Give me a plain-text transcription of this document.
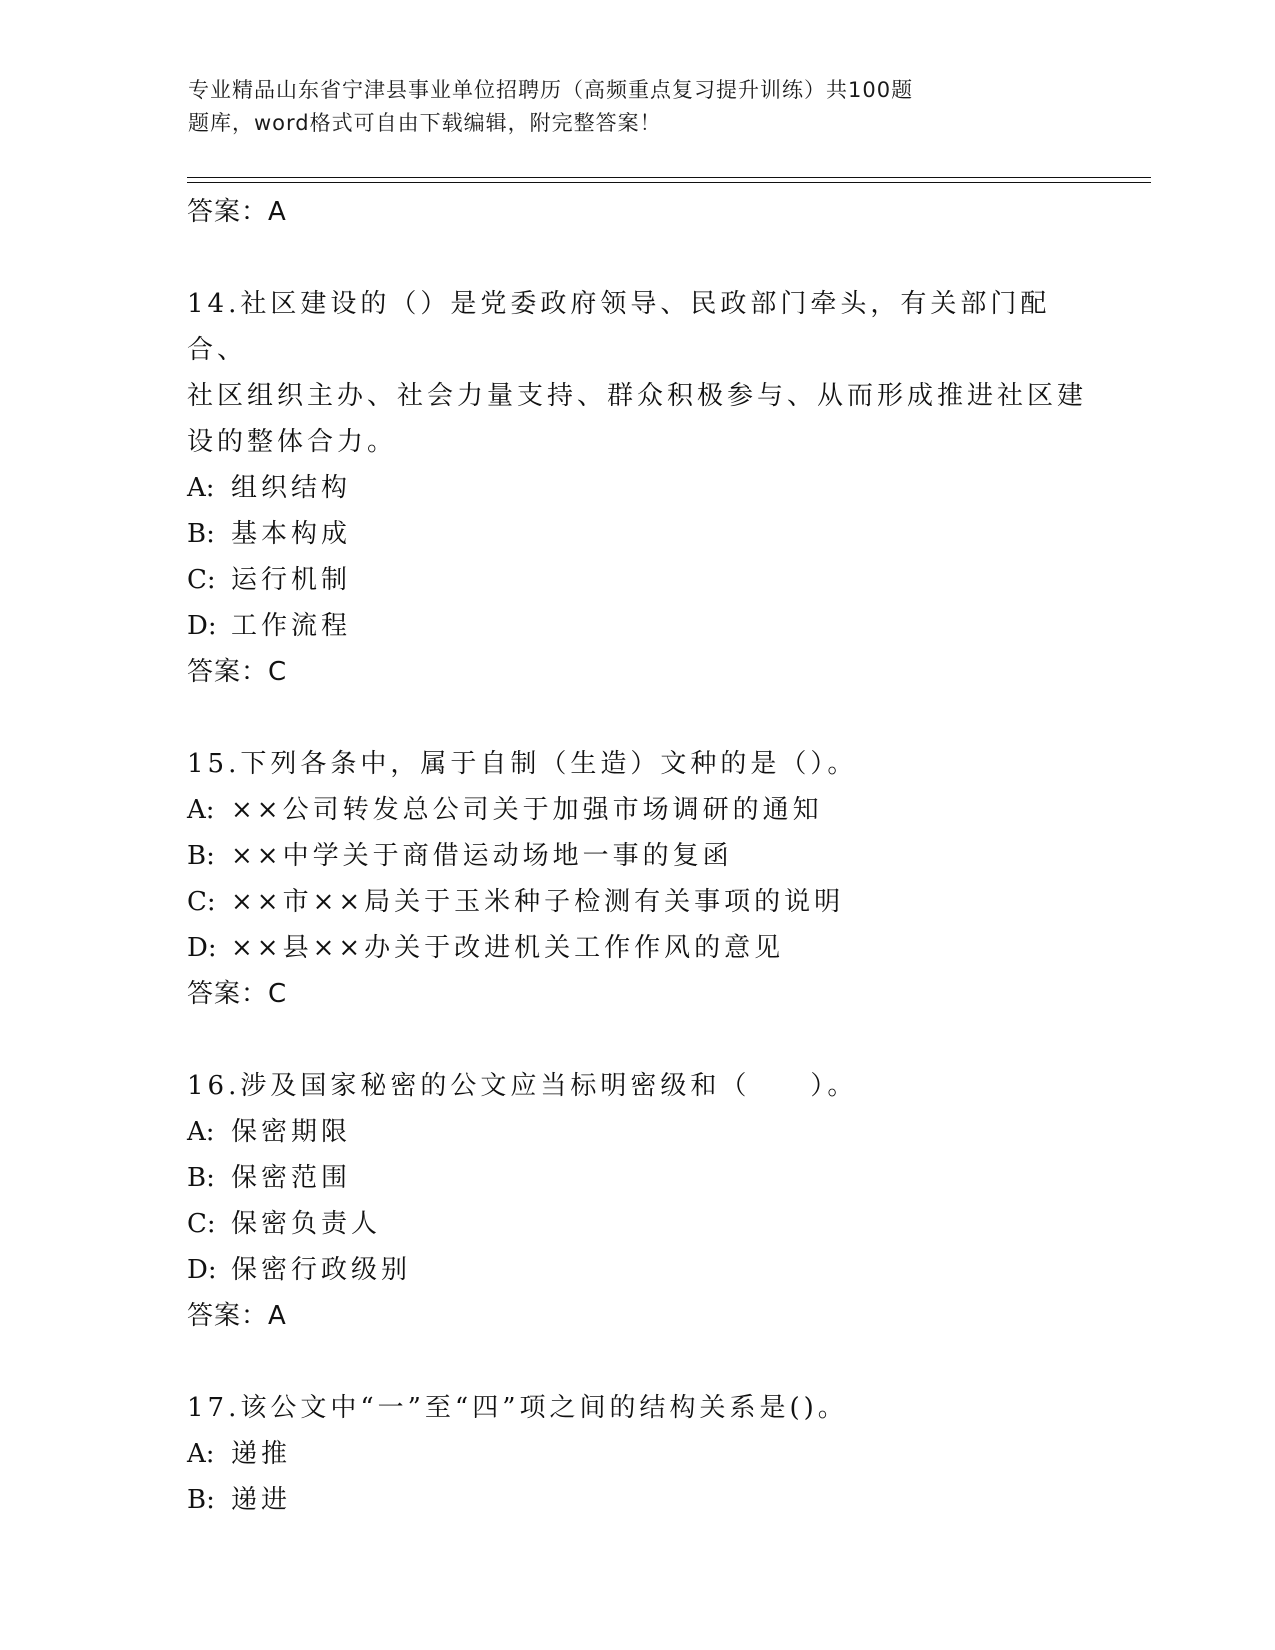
专业精品山东省宁津县事业单位招聘历（高频重点复习提升训练）共100题
题库，word格式可自由下载编辑，附完整答案！
答案：A
14.社区建设的（）是党委政府领导、民政部门牵头，有关部门配合、
社区组织主办、社会力量支持、群众积极参与、从而形成推进社区建
设的整体合力。
A: 组织结构
B: 基本构成
C: 运行机制
D: 工作流程
答案：C
15.下列各条中，属于自制（生造）文种的是（）。
A: ××公司转发总公司关于加强市场调研的通知
B: ××中学关于商借运动场地一事的复函
C: ××市××局关于玉米种子检测有关事项的说明
D: ××县××办关于改进机关工作作风的意见
答案：C
16.涉及国家秘密的公文应当标明密级和（　　）。
A: 保密期限
B: 保密范围
C: 保密负责人
D: 保密行政级别
答案：A
17.该公文中“一”至“四”项之间的结构关系是()。
A: 递推
B: 递进
